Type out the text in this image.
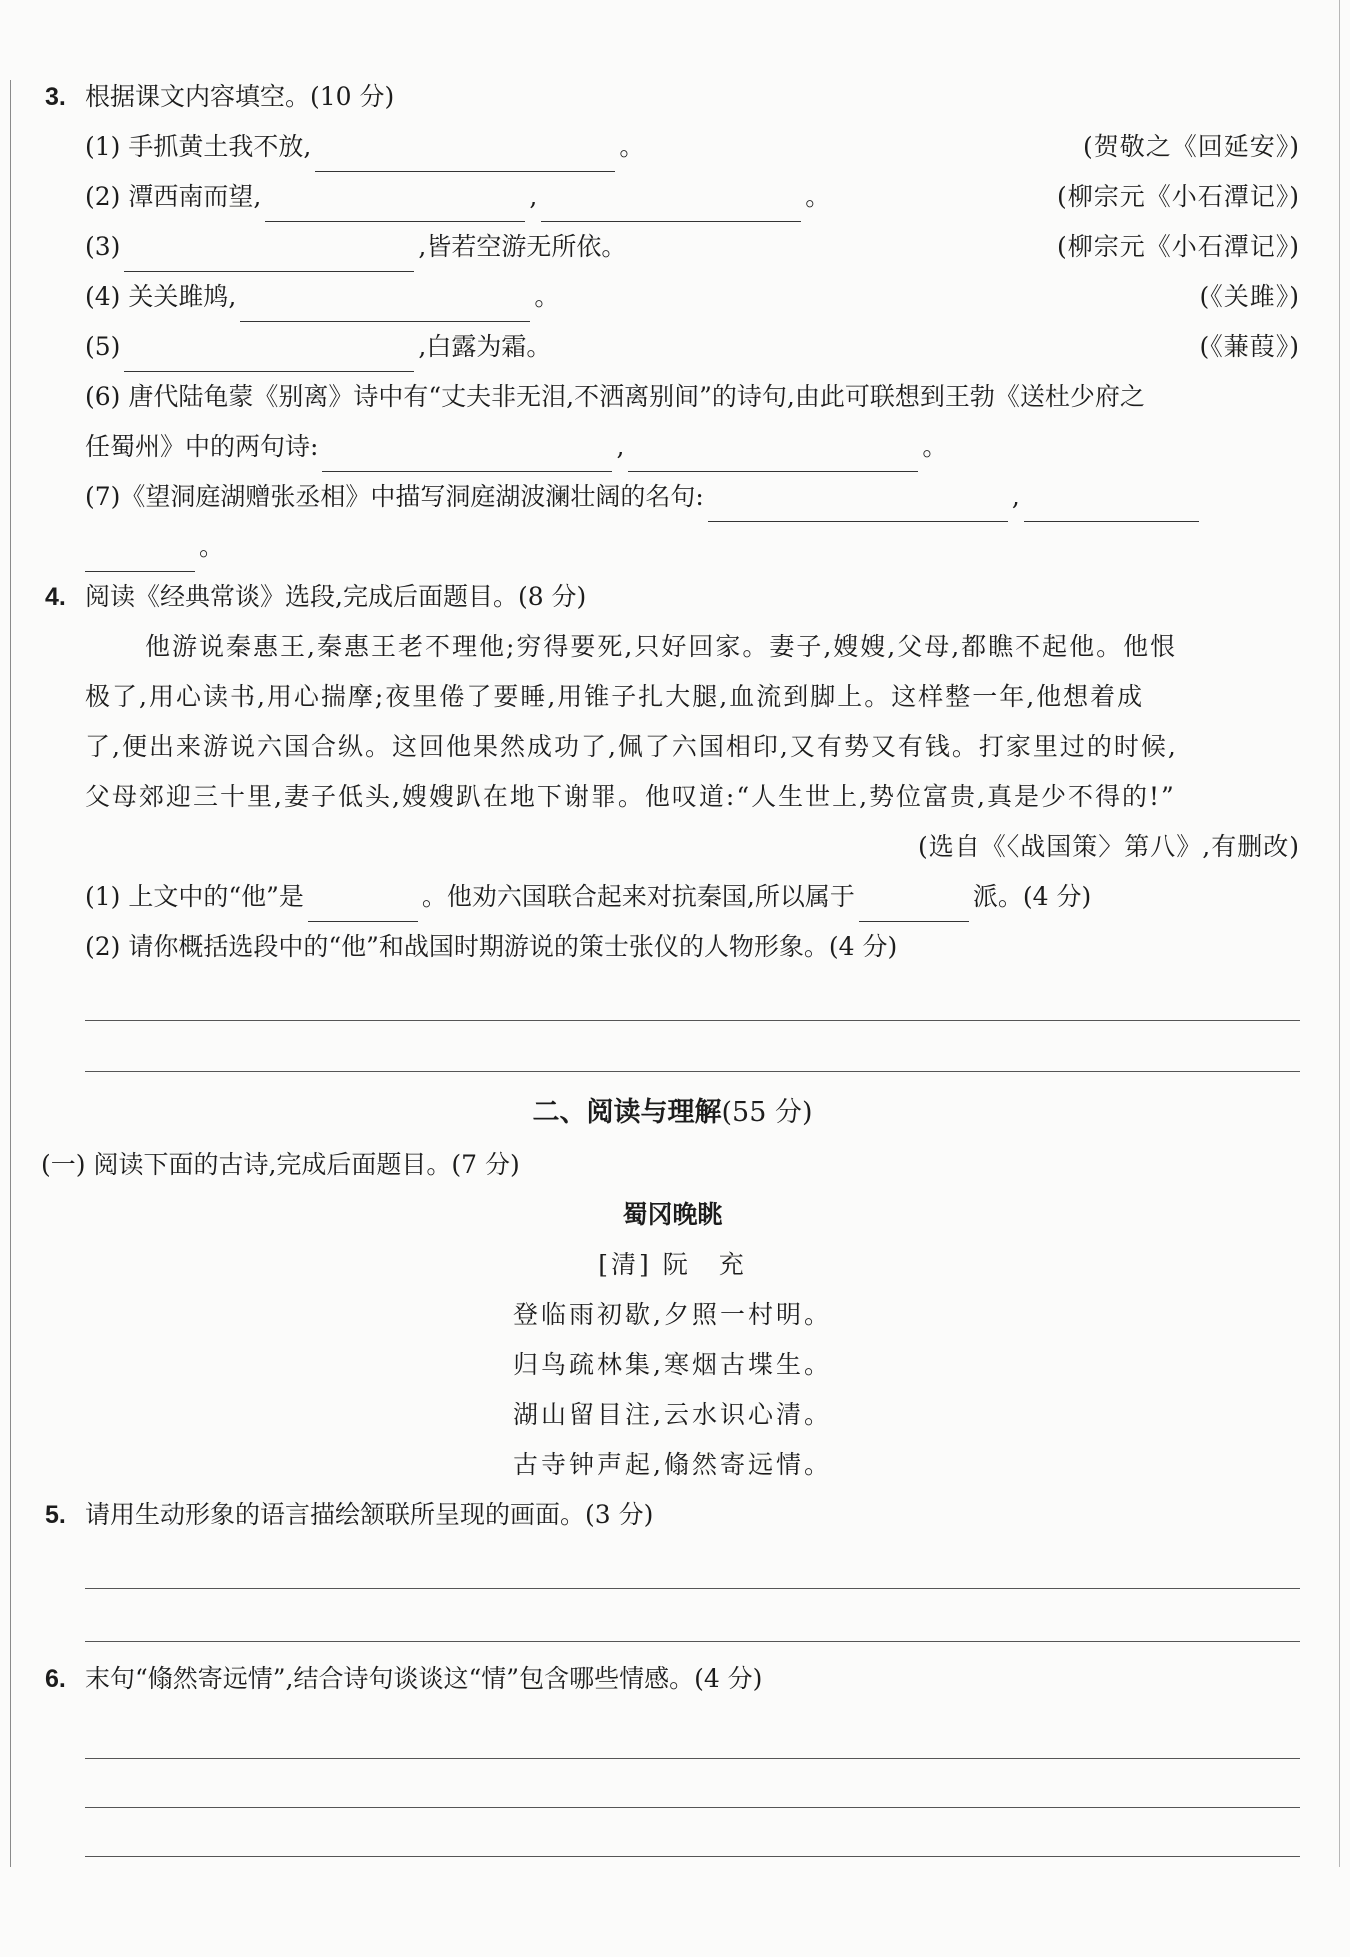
3. 根据课文内容填空。(10 分)
(1) 手抓黄土我不放,	。	(贺敬之《回延安》)
(2) 潭西南而望,	,	。	(柳宗元《小石潭记》)
(3)	,皆若空游无所依。	(柳宗元《小石潭记》)
(4) 关关雎鸠,	。	(《关雎》)
(5)	,白露为霜。	(《蒹葭》)
(6) 唐代陆龟蒙《别离》诗中有“丈夫非无泪,不洒离别间”的诗句,由此可联想到王勃《送杜少府之
任蜀州》中的两句诗:	,	。
(7)《望洞庭湖赠张丞相》中描写洞庭湖波澜壮阔的名句:	,
。
4. 阅读《经典常谈》选段,完成后面题目。(8 分)
他游说秦惠王,秦惠王老不理他;穷得要死,只好回家。妻子,嫂嫂,父母,都瞧不起他。他恨
极了,用心读书,用心揣摩;夜里倦了要睡,用锥子扎大腿,血流到脚上。这样整一年,他想着成
了,便出来游说六国合纵。这回他果然成功了,佩了六国相印,又有势又有钱。打家里过的时候,
父母郊迎三十里,妻子低头,嫂嫂趴在地下谢罪。他叹道:“人生世上,势位富贵,真是少不得的!”
(选自《〈战国策〉第八》,有删改)
(1) 上文中的“他”是	。他劝六国联合起来对抗秦国,所以属于	派。(4 分)
(2) 请你概括选段中的“他”和战国时期游说的策士张仪的人物形象。(4 分)
二、阅读与理解(55 分)
(一) 阅读下面的古诗,完成后面题目。(7 分)
蜀冈晚眺
[清] 阮　充
登临雨初歇,夕照一村明。
归鸟疏林集,寒烟古堞生。
湖山留目注,云水识心清。
古寺钟声起,翛然寄远情。
5. 请用生动形象的语言描绘颔联所呈现的画面。(3 分)
6. 末句“翛然寄远情”,结合诗句谈谈这“情”包含哪些情感。(4 分)
